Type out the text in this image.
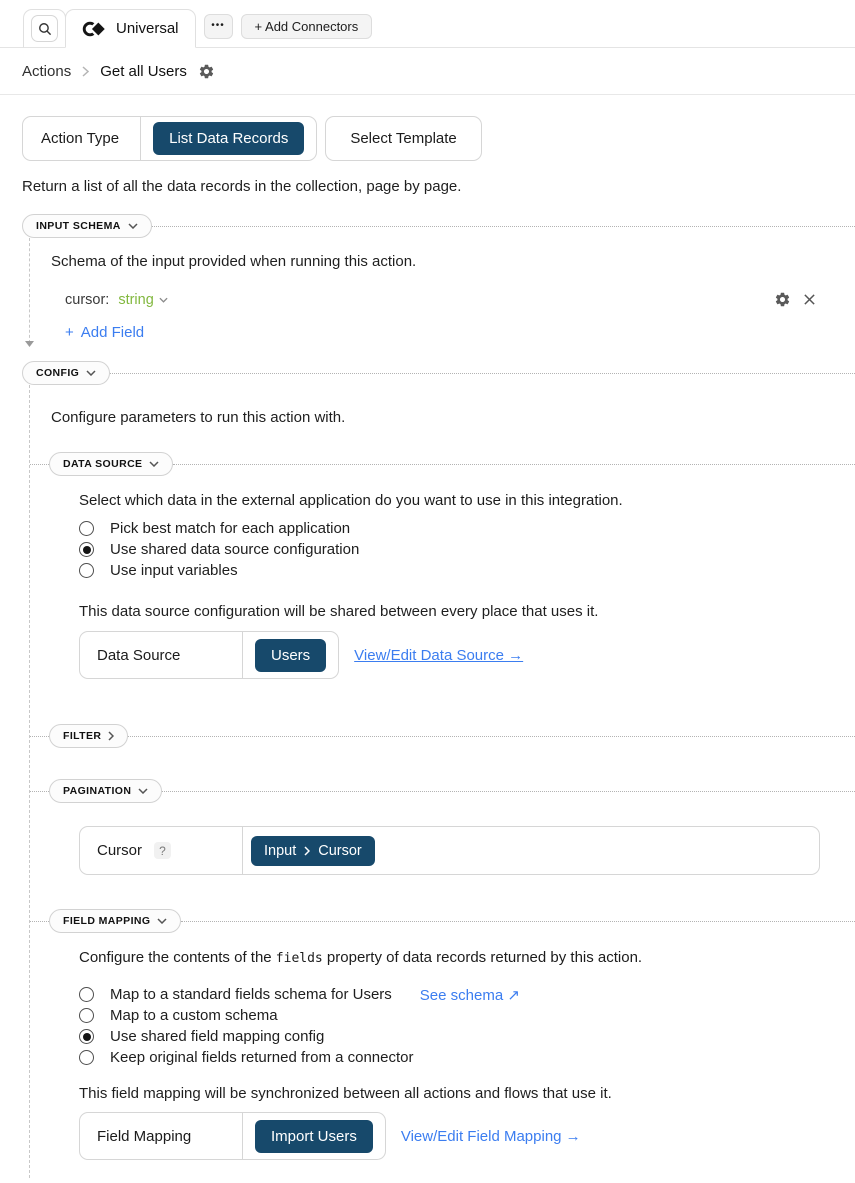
Universal	••• + Add Connectors
Actions Get all Users
Action Type	List Data Records	Select Template
Return a list of all the data records in the collection, page by page.
INPUT SCHEMA
Schema of the input provided when running this action.
cursor: string
+ Add Field
CONFIG
Configure parameters to run this action with.
DATA SOURCE
Select which data in the external application do you want to use in this integration.
Pick best match for each application
Use shared data source configuration
Use input variables
This data source configuration will be shared between every place that uses it.
Data Source	Users	View/Edit Data Source →
FILTER
PAGINATION
Cursor	?	Input Cursor
FIELD MAPPING
Configure the contents of the fields property of data records returned by this action.
Map to a standard fields schema for Users See schema ↗
Map to a custom schema
Use shared field mapping config
Keep original fields returned from a connector
This field mapping will be synchronized between all actions and flows that use it.
Field Mapping	Import Users	View/Edit Field Mapping →
